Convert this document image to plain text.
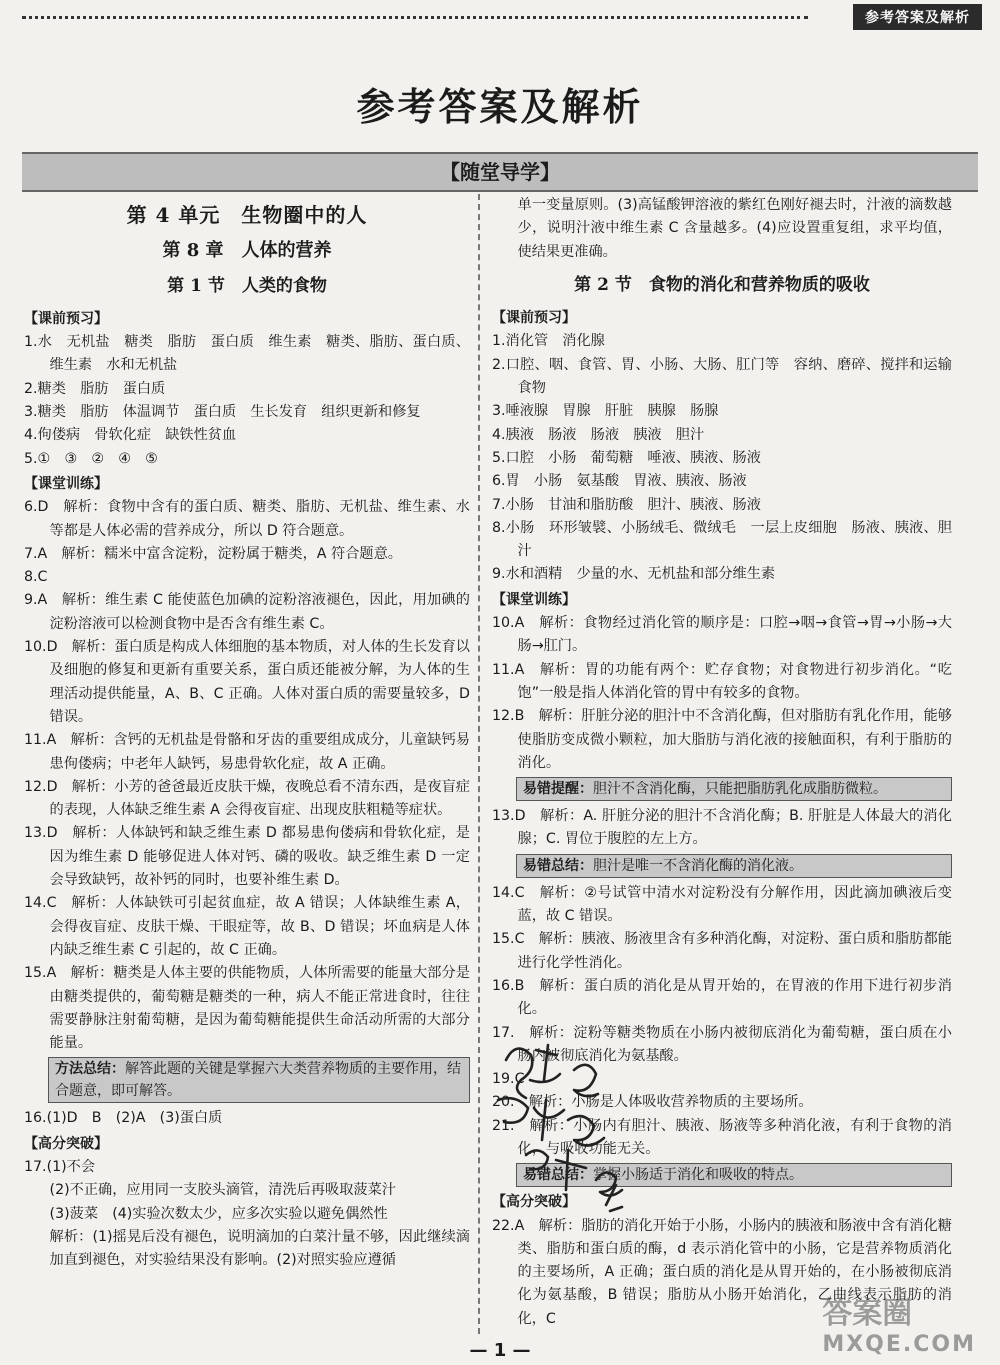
参考答案及解析
参考答案及解析
【随堂导学】
第 4 单元　生物圈中的人
第 8 章　人体的营养
第 1 节　人类的食物
【课前预习】

1.水　无机盐　糖类　脂肪　蛋白质　维生素　糖类、脂肪、蛋白质、维生素　水和无机盐

2.糖类　脂肪　蛋白质

3.糖类　脂肪　体温调节　蛋白质　生长发育　组织更新和修复

4.佝偻病　骨软化症　缺铁性贫血

5.①　③　②　④　⑤

【课堂训练】

6.D　解析：食物中含有的蛋白质、糖类、脂肪、无机盐、维生素、水等都是人体必需的营养成分，所以 D 符合题意。

7.A　解析：糯米中富含淀粉，淀粉属于糖类，A 符合题意。

8.C

9.A　解析：维生素 C 能使蓝色加碘的淀粉溶液褪色，因此，用加碘的淀粉溶液可以检测食物中是否含有维生素 C。

10.D　解析：蛋白质是构成人体细胞的基本物质，对人体的生长发育以及细胞的修复和更新有重要关系，蛋白质还能被分解，为人体的生理活动提供能量，A、B、C 正确。人体对蛋白质的需要量较多，D 错误。

11.A　解析：含钙的无机盐是骨骼和牙齿的重要组成成分，儿童缺钙易患佝偻病；中老年人缺钙，易患骨软化症，故 A 正确。

12.D　解析：小芳的爸爸最近皮肤干燥，夜晚总看不清东西，是夜盲症的表现，人体缺乏维生素 A 会得夜盲症、出现皮肤粗糙等症状。

13.D　解析：人体缺钙和缺乏维生素 D 都易患佝偻病和骨软化症，是因为维生素 D 能够促进人体对钙、磷的吸收。缺乏维生素 D 一定会导致缺钙，故补钙的同时，也要补维生素 D。

14.C　解析：人体缺铁可引起贫血症，故 A 错误；人体缺维生素 A，会得夜盲症、皮肤干燥、干眼症等，故 B、D 错误；坏血病是人体内缺乏维生素 C 引起的，故 C 正确。

15.A　解析：糖类是人体主要的供能物质，人体所需要的能量大部分是由糖类提供的，葡萄糖是糖类的一种，病人不能正常进食时，往往需要静脉注射葡萄糖，是因为葡萄糖能提供生命活动所需的大部分能量。

方法总结：解答此题的关键是掌握六大类营养物质的主要作用，结合题意，即可解答。

16.(1)D　B　(2)A　(3)蛋白质

【高分突破】

17.(1)不会

(2)不正确，应用同一支胶头滴管，清洗后再吸取菠菜汁

(3)菠菜　(4)实验次数太少，应多次实验以避免偶然性

解析：(1)摇晃后没有褪色，说明滴加的白菜汁量不够，因此继续滴加直到褪色，对实验结果没有影响。(2)对照实验应遵循

单一变量原则。(3)高锰酸钾溶液的紫红色刚好褪去时，汁液的滴数越少，说明汁液中维生素 C 含量越多。(4)应设置重复组，求平均值，使结果更准确。

第 2 节　食物的消化和营养物质的吸收
【课前预习】

1.消化管　消化腺

2.口腔、咽、食管、胃、小肠、大肠、肛门等　容纳、磨碎、搅拌和运输食物

3.唾液腺　胃腺　肝脏　胰腺　肠腺

4.胰液　肠液　肠液　胰液　胆汁

5.口腔　小肠　葡萄糖　唾液、胰液、肠液

6.胃　小肠　氨基酸　胃液、胰液、肠液

7.小肠　甘油和脂肪酸　胆汁、胰液、肠液

8.小肠　环形皱襞、小肠绒毛、微绒毛　一层上皮细胞　肠液、胰液、胆汁

9.水和酒精　少量的水、无机盐和部分维生素

【课堂训练】

10.A　解析：食物经过消化管的顺序是：口腔→咽→食管→胃→小肠→大肠→肛门。

11.A　解析：胃的功能有两个：贮存食物；对食物进行初步消化。“吃饱”一般是指人体消化管的胃中有较多的食物。

12.B　解析：肝脏分泌的胆汁中不含消化酶，但对脂肪有乳化作用，能够使脂肪变成微小颗粒，加大脂肪与消化液的接触面积，有利于脂肪的消化。

易错提醒：胆汁不含消化酶，只能把脂肪乳化成脂肪微粒。

13.D　解析：A. 肝脏分泌的胆汁不含消化酶；B. 肝脏是人体最大的消化腺；C. 胃位于腹腔的左上方。

易错总结：胆汁是唯一不含消化酶的消化液。

14.C　解析：②号试管中清水对淀粉没有分解作用，因此滴加碘液后变蓝，故 C 错误。

15.C　解析：胰液、肠液里含有多种消化酶，对淀粉、蛋白质和脂肪都能进行化学性消化。

16.B　解析：蛋白质的消化是从胃开始的，在胃液的作用下进行初步消化。

17.　解析：淀粉等糖类物质在小肠内被彻底消化为葡萄糖，蛋白质在小肠内被彻底消化为氨基酸。

19.C

20.　解析：小肠是人体吸收营养物质的主要场所。

21.　解析：小肠内有胆汁、胰液、肠液等多种消化液，有利于食物的消化，与吸收功能无关。

易错总结：掌握小肠适于消化和吸收的特点。
【高分突破】

22.A　解析：脂肪的消化开始于小肠，小肠内的胰液和肠液中含有消化糖类、脂肪和蛋白质的酶，d 表示消化管中的小肠，它是营养物质消化的主要场所，A 正确；蛋白质的消化是从胃开始的，在小肠被彻底消化为氨基酸，B 错误；脂肪从小肠开始消化，乙曲线表示脂肪的消化，C

— 1 —
答案圈
MXQE.COM
